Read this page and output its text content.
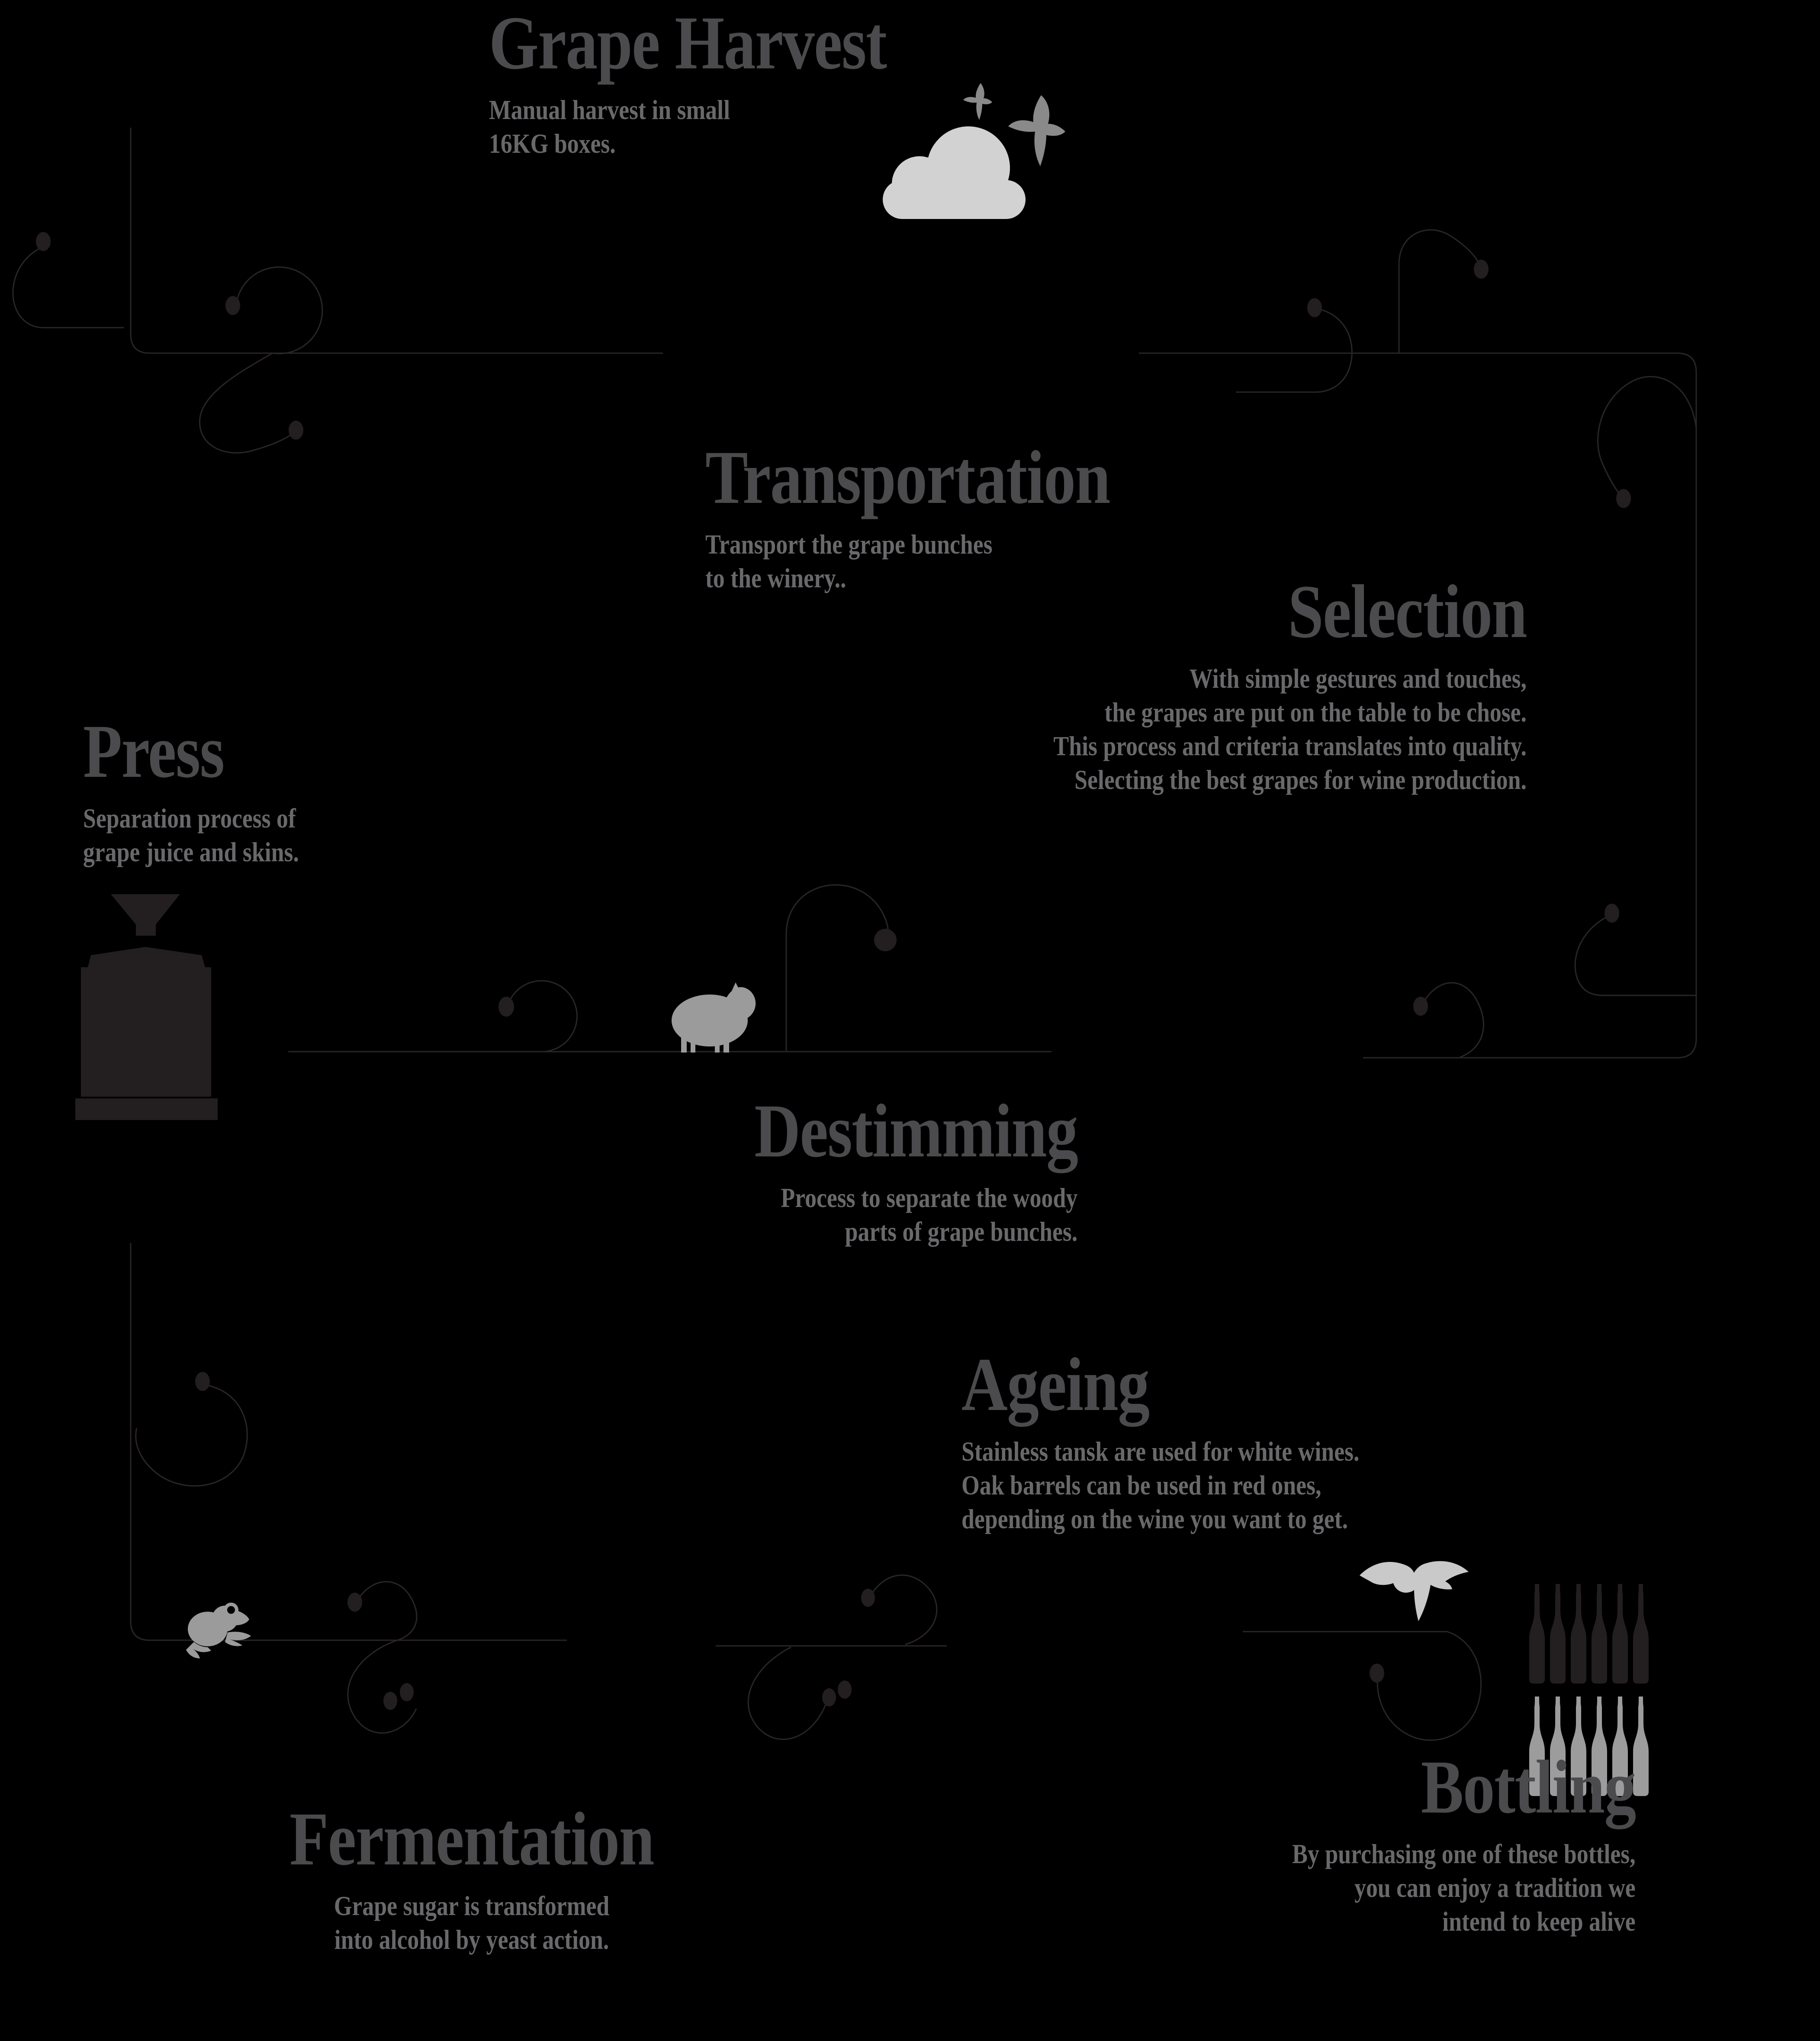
Grape Harvest
Manual harvest in small
16KG boxes.
Transportation
Transport the grape bunches
to the winery..	Selection
With simple gestures and touches,
the grapes are put on the table to be chose.
This process and criteria translates into quality.
Selecting the best grapes for wine production.
Press
Separation process of
grape juice and skins.
Destimming
Process to separate the woody
parts of grape bunches.
Ageing
Stainless tansk are used for white wines.
Oak barrels can be used in red ones,
depending on the wine you want to get.
Fermentation
Grape sugar is transformed
into alcohol by yeast action.
Bottling
By purchasing one of these bottles,
you can enjoy a tradition we
intend to keep alive
